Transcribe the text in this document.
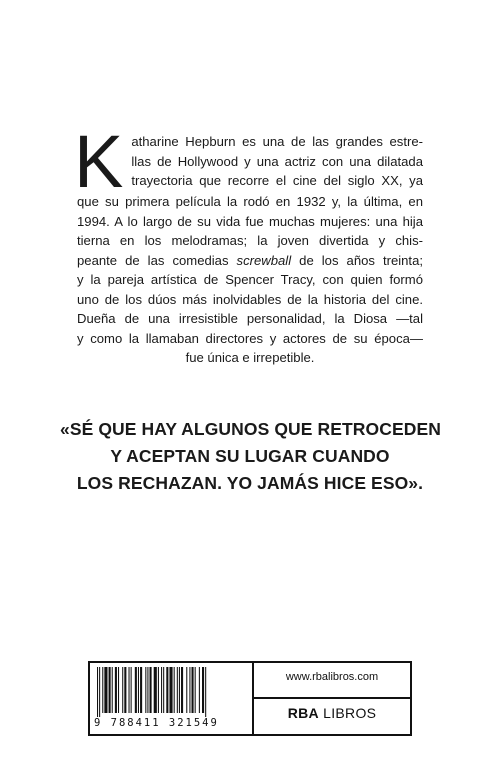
K atharine Hepburn es una de las grandes estre-
llas de Hollywood y una actriz con una dilatada
trayectoria que recorre el cine del siglo XX, ya
que su primera película la rodó en 1932 y, la última, en
1994. A lo largo de su vida fue muchas mujeres: una hija
tierna en los melodramas; la joven divertida y chis-
peante de las comedias screwball de los años treinta;
y la pareja artística de Spencer Tracy, con quien formó
uno de los dúos más inolvidables de la historia del cine.
Dueña de una irresistible personalidad, la Diosa —tal
y como la llamaban directores y actores de su época—
fue única e irrepetible.
«SÉ QUE HAY ALGUNOS QUE RETROCEDEN
Y ACEPTAN SU LUGAR CUANDO
LOS RECHAZAN. YO JAMÁS HICE ESO».
9 788411 321549
www.rbalibros.com
RBA LIBROS
